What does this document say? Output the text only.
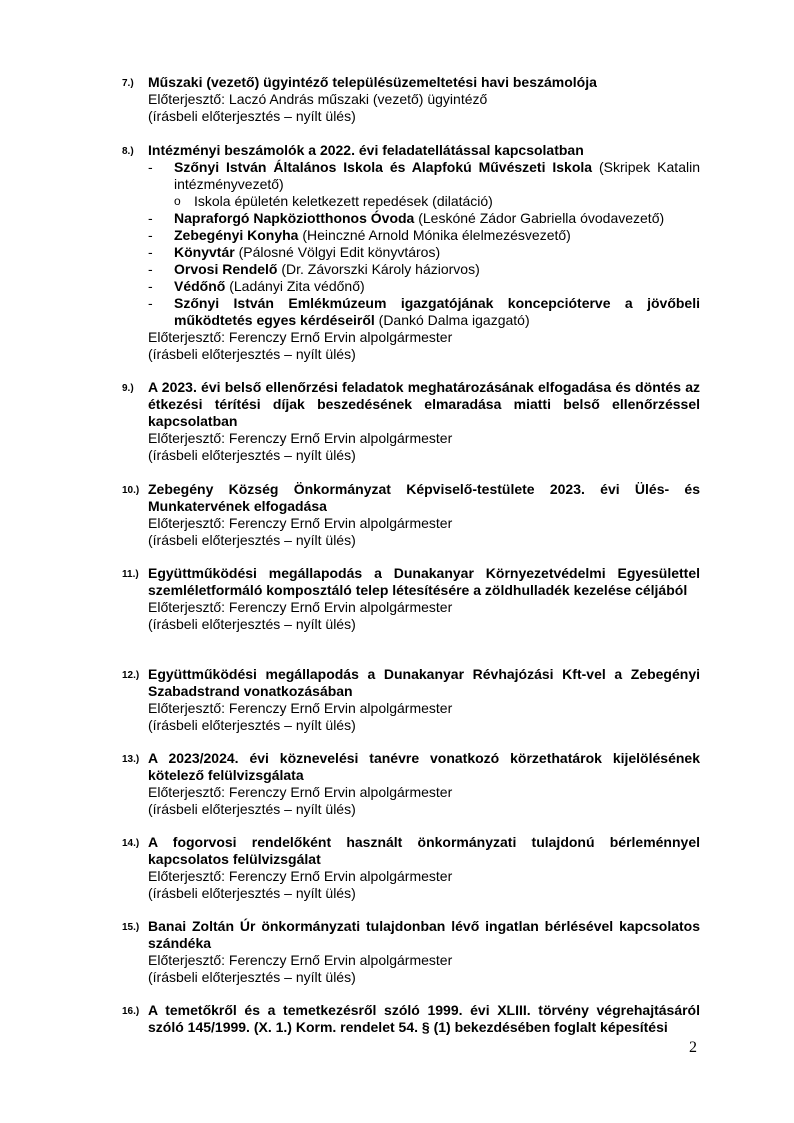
7.) Műszaki (vezető) ügyintéző településüzemeltetési havi beszámolója
Előterjesztő: Laczó András műszaki (vezető) ügyintéző
(írásbeli előterjesztés – nyílt ülés)
8.) Intézményi beszámolók a 2022. évi feladatellátással kapcsolatban
- Szőnyi István Általános Iskola és Alapfokú Művészeti Iskola (Skripek Katalin intézményvezető)
o Iskola épületén keletkezett repedések (dilatáció)
- Napraforgó Napköziotthonos Óvoda (Leskóné Zádor Gabriella óvodavezető)
- Zebegényi Konyha (Heinczné Arnold Mónika élelmezésvezető)
- Könyvtár (Pálosné Völgyi Edit könyvtáros)
- Orvosi Rendelő (Dr. Závorszki Károly háziorvos)
- Védőnő (Ladányi Zita védőnő)
- Szőnyi István Emlékmúzeum igazgatójának koncepcióterve a jövőbeli működtetés egyes kérdéseiről (Dankó Dalma igazgató)
Előterjesztő: Ferenczy Ernő Ervin alpolgármester
(írásbeli előterjesztés – nyílt ülés)
9.) A 2023. évi belső ellenőrzési feladatok meghatározásának elfogadása és döntés az étkezési térítési díjak beszedésének elmaradása miatti belső ellenőrzéssel kapcsolatban
Előterjesztő: Ferenczy Ernő Ervin alpolgármester
(írásbeli előterjesztés – nyílt ülés)
10.) Zebegény Község Önkormányzat Képviselő-testülete 2023. évi Ülés- és Munkatervének elfogadása
Előterjesztő: Ferenczy Ernő Ervin alpolgármester
(írásbeli előterjesztés – nyílt ülés)
11.) Együttműködési megállapodás a Dunakanyar Környezetvédelmi Egyesülettel szemléletformáló komposztáló telep létesítésére a zöldhulladék kezelése céljából
Előterjesztő: Ferenczy Ernő Ervin alpolgármester
(írásbeli előterjesztés – nyílt ülés)
12.) Együttműködési megállapodás a Dunakanyar Révhajózási Kft-vel a Zebegényi Szabadstrand vonatkozásában
Előterjesztő: Ferenczy Ernő Ervin alpolgármester
(írásbeli előterjesztés – nyílt ülés)
13.) A 2023/2024. évi köznevelési tanévre vonatkozó körzethatárok kijelölésének kötelező felülvizsgálata
Előterjesztő: Ferenczy Ernő Ervin alpolgármester
(írásbeli előterjesztés – nyílt ülés)
14.) A fogorvosi rendelőként használt önkormányzati tulajdonú bérleménnyel kapcsolatos felülvizsgálat
Előterjesztő: Ferenczy Ernő Ervin alpolgármester
(írásbeli előterjesztés – nyílt ülés)
15.) Banai Zoltán Úr önkormányzati tulajdonban lévő ingatlan bérlésével kapcsolatos szándéka
Előterjesztő: Ferenczy Ernő Ervin alpolgármester
(írásbeli előterjesztés – nyílt ülés)
16.) A temetőkről és a temetkezésről szóló 1999. évi XLIII. törvény végrehajtásáról szóló 145/1999. (X. 1.) Korm. rendelet 54. § (1) bekezdésében foglalt képesítési
2
